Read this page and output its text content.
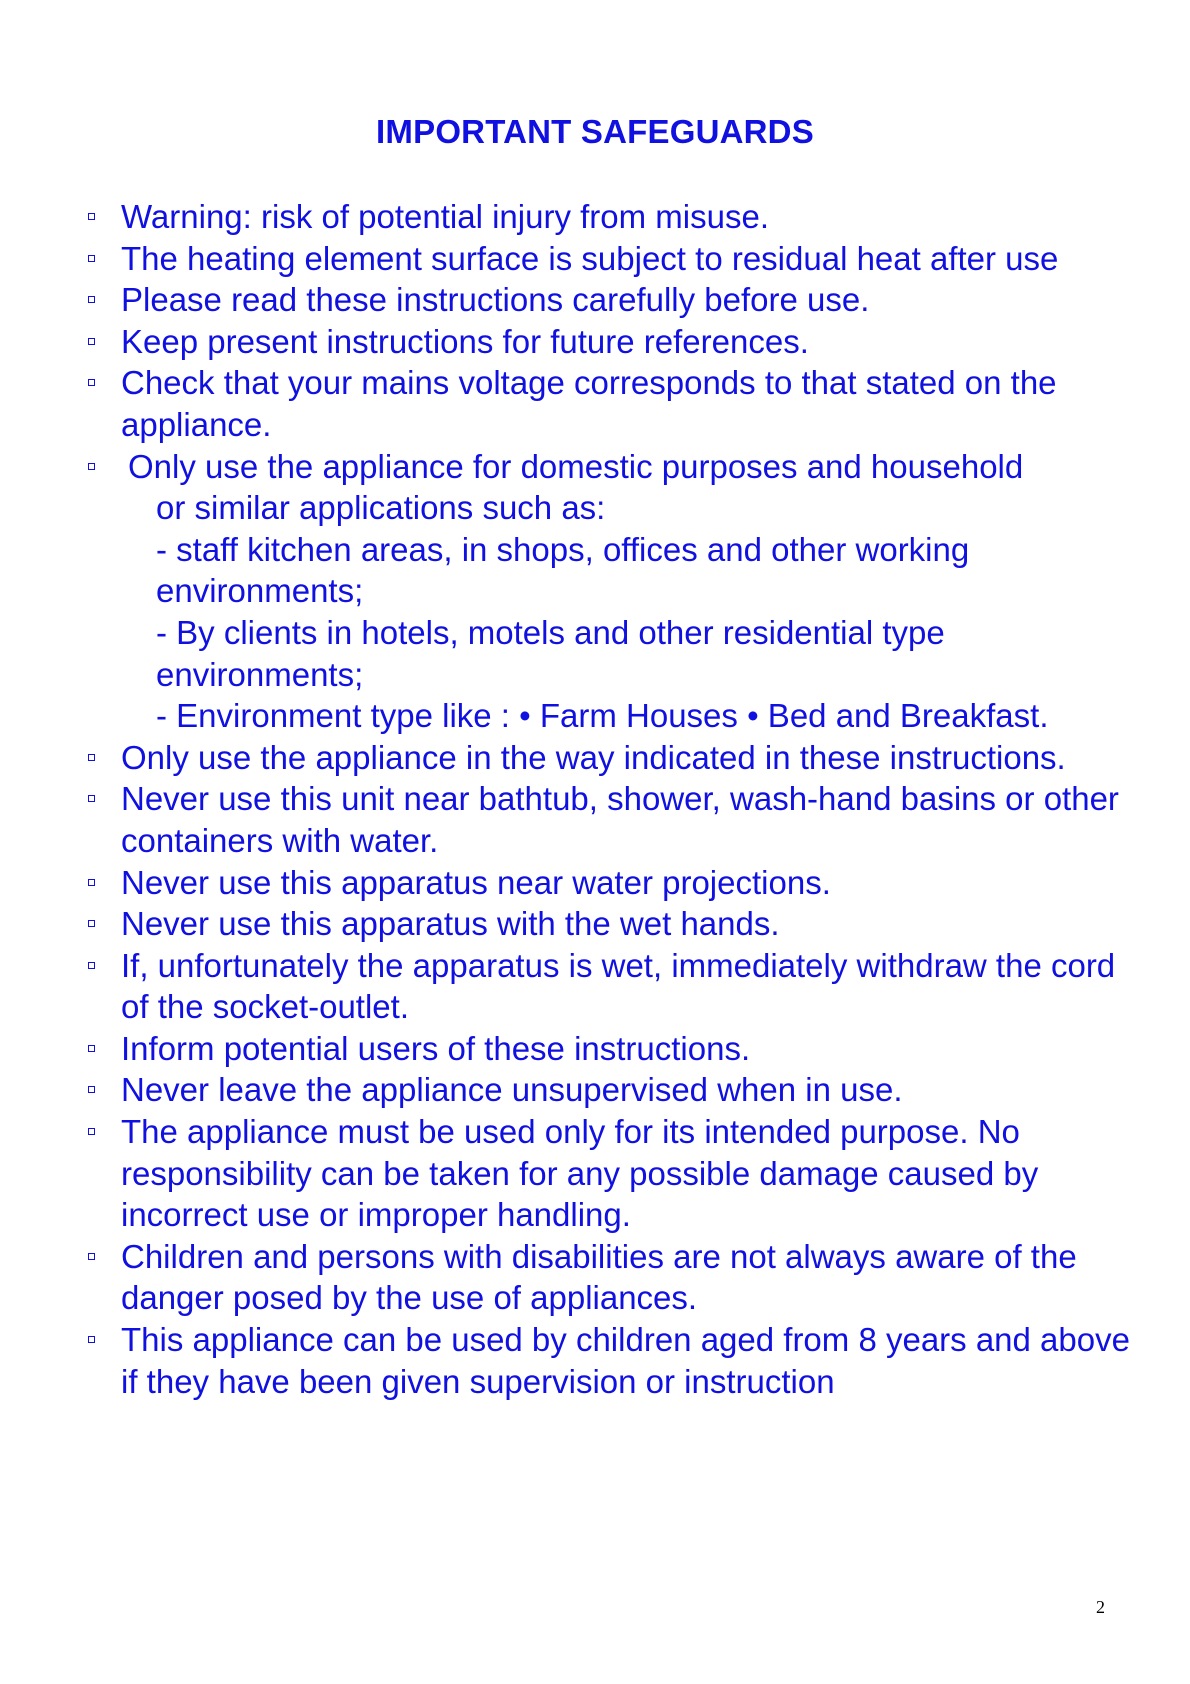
IMPORTANT SAFEGUARDS
Warning: risk of potential injury from misuse.
The heating element surface is subject to residual heat after use
Please read these instructions carefully before use.
Keep present instructions for future references.
Check that your mains voltage corresponds to that stated on the appliance.
Only use the appliance for domestic purposes and household
or similar applications such as:
- staff kitchen areas, in shops, offices and other working environments;
- By clients in hotels, motels and other residential type environments;
- Environment type like : • Farm Houses • Bed and Breakfast.
Only use the appliance in the way indicated in these instructions.
Never use this unit near bathtub, shower, wash-hand basins or other containers with water.
Never use this apparatus near water projections.
Never use this apparatus with the wet hands.
If, unfortunately the apparatus is wet, immediately withdraw the cord of the socket-outlet.
Inform potential users of these instructions.
Never leave the appliance unsupervised when in use.
The appliance must be used only for its intended purpose. No responsibility can be taken for any possible damage caused by incorrect use or improper handling.
Children and persons with disabilities are not always aware of the danger posed by the use of appliances.
This appliance can be used by children aged from 8 years and above if they have been given supervision or instruction
2
